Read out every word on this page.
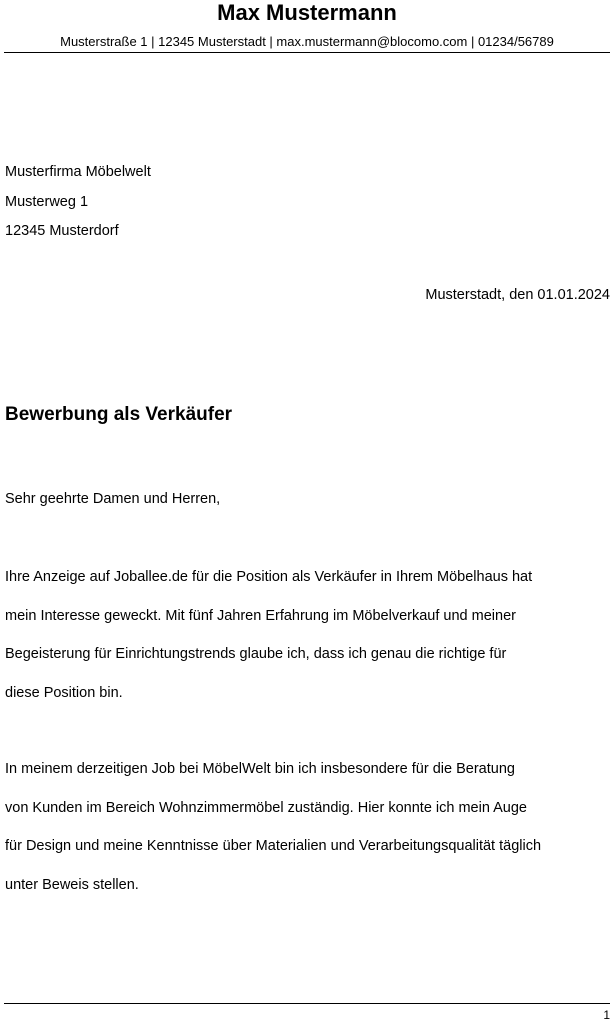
Max Mustermann
Musterstraße 1 | 12345 Musterstadt | max.mustermann@blocomo.com | 01234/56789
Musterfirma Möbelwelt
Musterweg 1
12345 Musterdorf
Musterstadt, den 01.01.2024
Bewerbung als Verkäufer
Sehr geehrte Damen und Herren,
Ihre Anzeige auf Joballee.de für die Position als Verkäufer in Ihrem Möbelhaus hat
mein Interesse geweckt. Mit fünf Jahren Erfahrung im Möbelverkauf und meiner
Begeisterung für Einrichtungstrends glaube ich, dass ich genau die richtige für
diese Position bin.
In meinem derzeitigen Job bei MöbelWelt bin ich insbesondere für die Beratung
von Kunden im Bereich Wohnzimmermöbel zuständig. Hier konnte ich mein Auge
für Design und meine Kenntnisse über Materialien und Verarbeitungsqualität täglich
unter Beweis stellen.
1
